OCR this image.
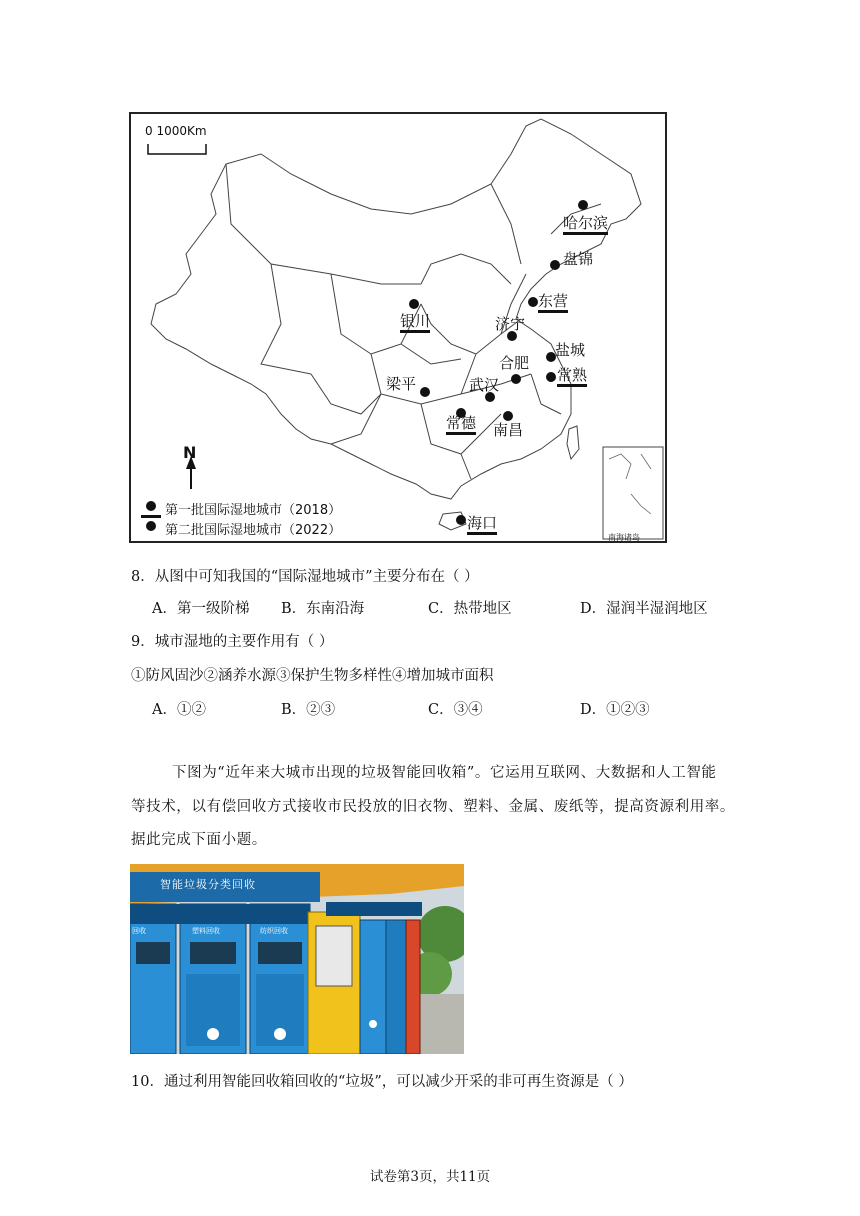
0 1000Km
N
南海诸岛
第一批国际湿地城市（2018）
第二批国际湿地城市（2022）
哈尔滨
盘锦
东营
银川	济宁
盐城
合肥
常熟
梁平	武汉
常德 南昌
海口
8．从图中可知我国的“国际湿地城市”主要分布在（ ）
A．第一级阶梯 B．东南沿海	C．热带地区	D．湿润半湿润地区
9．城市湿地的主要作用有（ ）
①防风固沙②涵养水源③保护生物多样性④增加城市面积
A．①②	B．②③	C．③④	D．①②③
下图为“近年来大城市出现的垃圾智能回收箱”。它运用互联网、大数据和人工智能
等技术，以有偿回收方式接收市民投放的旧衣物、塑料、金属、废纸等，提高资源利用率。
据此完成下面小题。
智能垃圾分类回收
回收	塑料回收	纺织回收
10．通过利用智能回收箱回收的“垃圾”，可以减少开采的非可再生资源是（ ）
试卷第3页，共11页
